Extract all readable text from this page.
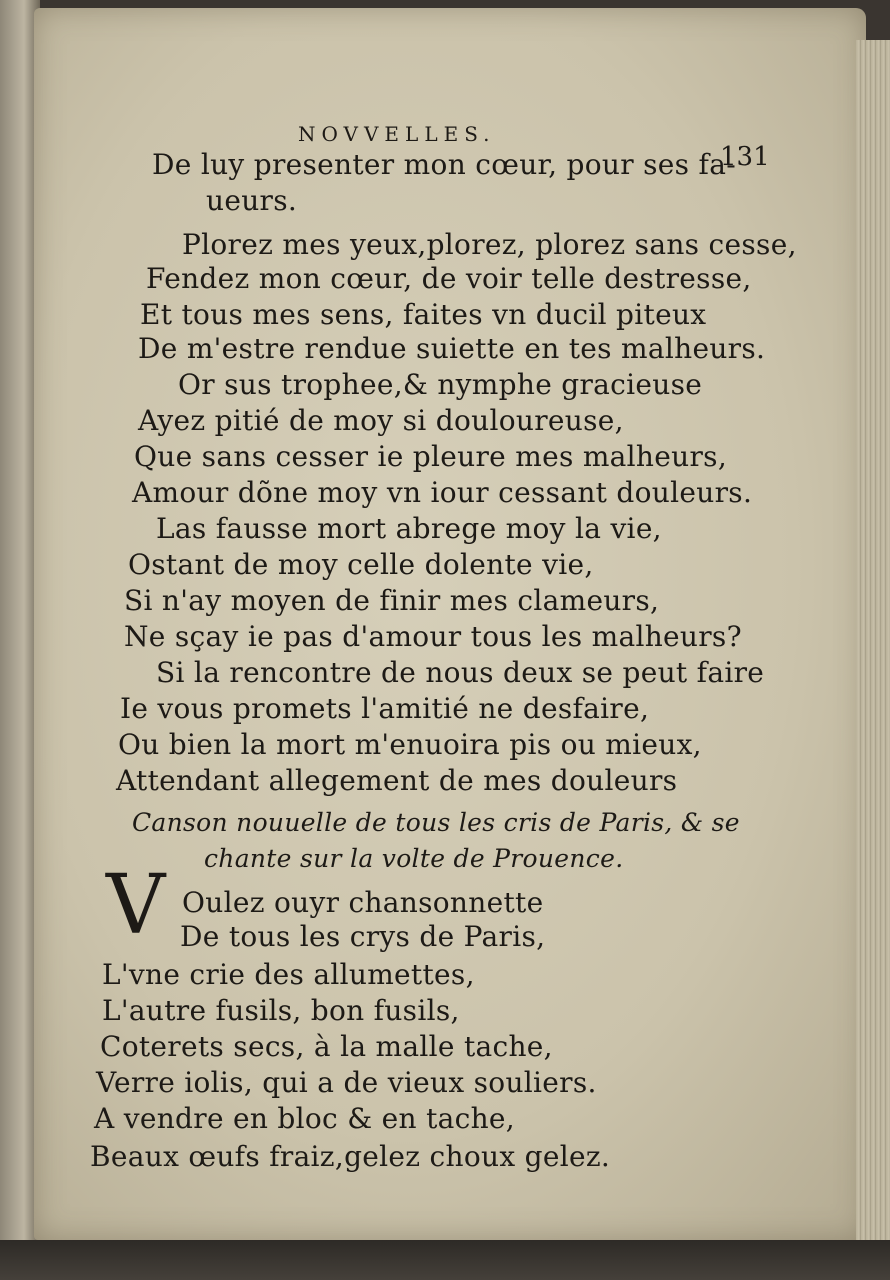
NOVVELLES.
131
De luy presenter mon cœur, pour ses fa-
ueurs.
Plorez mes yeux,plorez, plorez sans cesse,
Fendez mon cœur, de voir telle destresse,
Et tous mes sens, faites vn ducil piteux
De m'estre rendue suiette en tes malheurs.
Or sus trophee,& nymphe gracieuse
Ayez pitié de moy si douloureuse,
Que sans cesser ie pleure mes malheurs,
Amour dõne moy vn iour cessant douleurs.
Las fausse mort abrege moy la vie,
Ostant de moy celle dolente vie,
Si n'ay moyen de finir mes clameurs,
Ne sçay ie pas d'amour tous les malheurs?
Si la rencontre de nous deux se peut faire
Ie vous promets l'amitié ne desfaire,
Ou bien la mort m'enuoira pis ou mieux,
Attendant allegement de mes douleurs
Canson nouuelle de tous les cris de Paris, & se
chante sur la volte de Prouence.
V Oulez ouyr chansonnette
De tous les crys de Paris,
L'vne crie des allumettes,
L'autre fusils, bon fusils,
Coterets secs, à la malle tache,
Verre iolis, qui a de vieux souliers.
A vendre en bloc & en tache,
Beaux œufs fraiz,gelez choux gelez.
